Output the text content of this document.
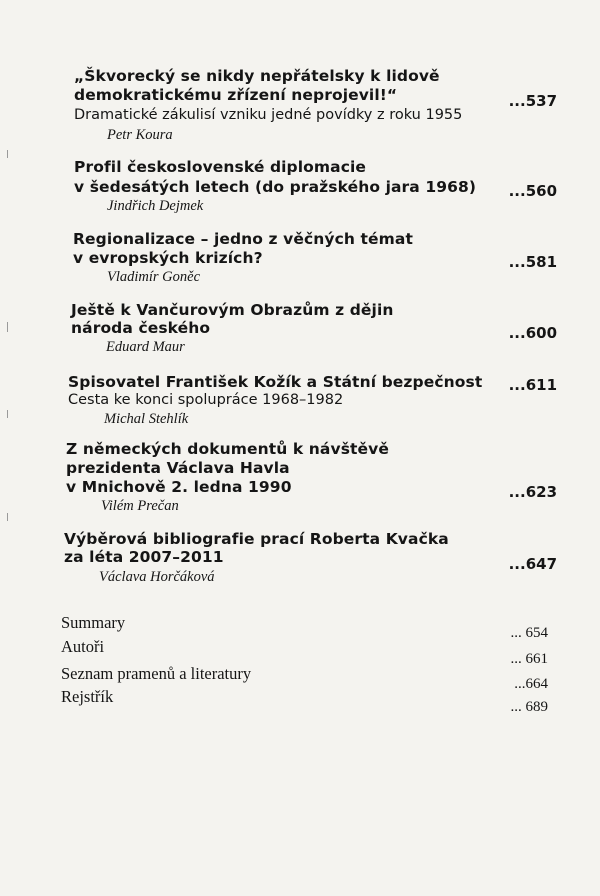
„Škvorecký se nikdy nepřátelsky k lidově
demokratickému zřízení neprojevil!“
Dramatické zákulisí vzniku jedné povídky z roku 1955
Petr Koura
...537
Profil československé diplomacie
v šedesátých letech (do pražského jara 1968)
Jindřich Dejmek
...560
Regionalizace – jedno z věčných témat
v evropských krizích?
Vladimír Goněc
...581
Ještě k Vančurovým Obrazům z dějin
národa českého
Eduard Maur
...600
Spisovatel František Kožík a Státní bezpečnost
Cesta ke konci spolupráce 1968–1982
Michal Stehlík
...611
Z německých dokumentů k návštěvě
prezidenta Václava Havla
v Mnichově 2. ledna 1990
Vilém Prečan
...623
Výběrová bibliografie prací Roberta Kvačka
za léta 2007–2011
Václava Horčáková
...647
Summary
... 654
Autoři
... 661
Seznam pramenů a literatury
...664
Rejstřík
... 689
